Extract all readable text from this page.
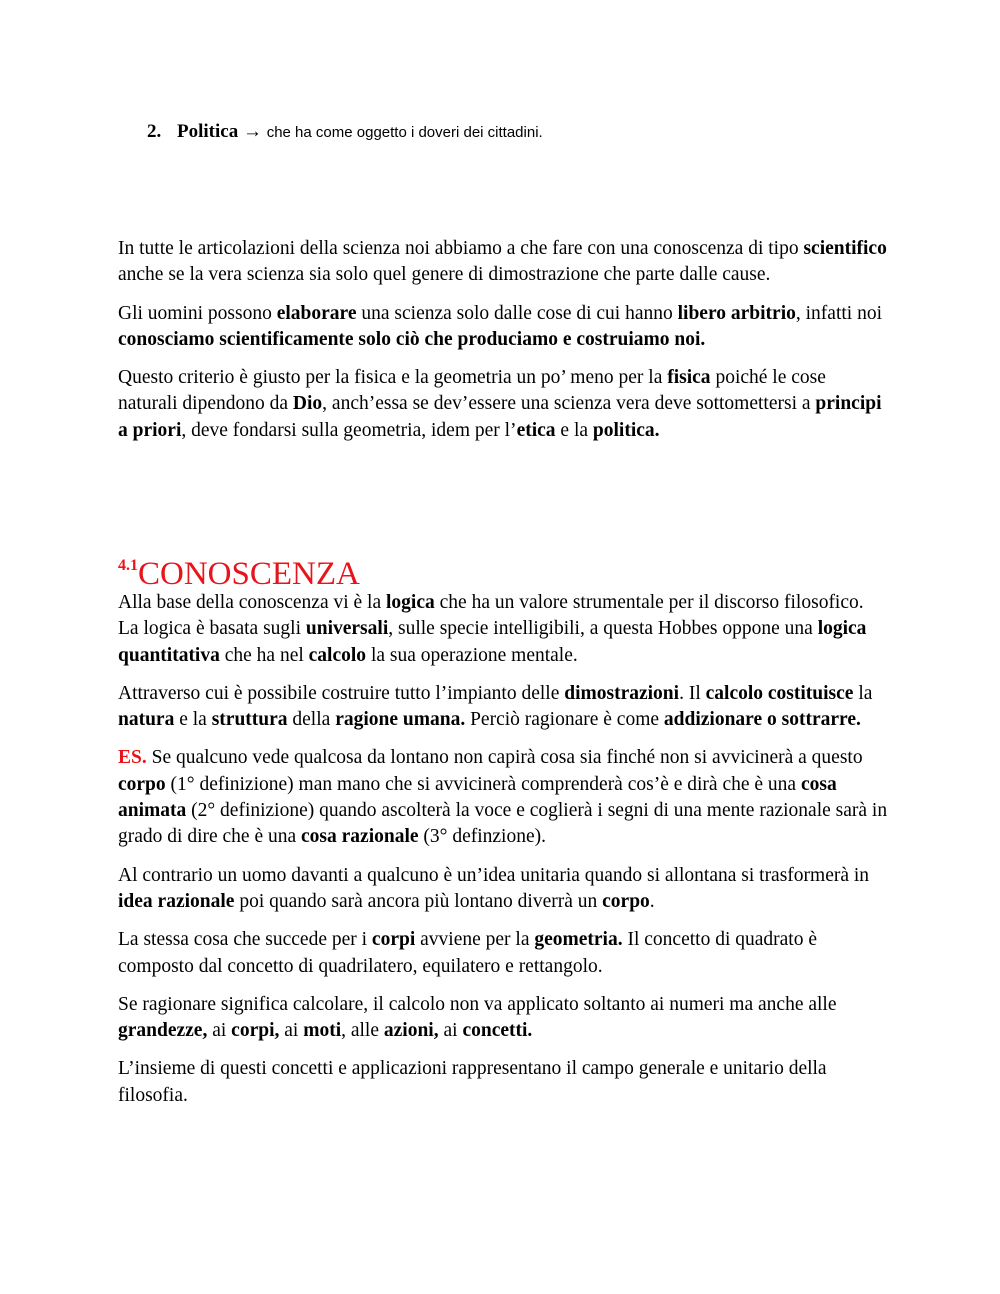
2. Politica → che ha come oggetto i doveri dei cittadini.

In tutte le articolazioni della scienza noi abbiamo a che fare con una conoscenza di tipo scientifico anche se la vera scienza sia solo quel genere di dimostrazione che parte dalle cause.

Gli uomini possono elaborare una scienza solo dalle cose di cui hanno libero arbitrio, infatti noi conosciamo scientificamente solo ciò che produciamo e costruiamo noi.

Questo criterio è giusto per la fisica e la geometria un po’ meno per la fisica poiché le cose naturali dipendono da Dio, anch’essa se dev’essere una scienza vera deve sottomettersi a principi a priori, deve fondarsi sulla geometria, idem per l’etica e la politica.

$^{4.1}$CONOSCENZA

Alla base della conoscenza vi è la logica che ha un valore strumentale per il discorso filosofico. La logica è basata sugli universali, sulle specie intelligibili, a questa Hobbes oppone una logica quantitativa che ha nel calcolo la sua operazione mentale.

Attraverso cui è possibile costruire tutto l’impianto delle dimostrazioni. Il calcolo costituisce la natura e la struttura della ragione umana. Perciò ragionare è come addizionare o sottrarre.

ES. Se qualcuno vede qualcosa da lontano non capirà cosa sia finché non si avvicinerà a questo corpo (1° definizione) man mano che si avvicinerà comprenderà cos’è e dirà che è una cosa animata (2° definizione) quando ascolterà la voce e coglierà i segni di una mente razionale sarà in grado di dire che è una cosa razionale (3° definzione).

Al contrario un uomo davanti a qualcuno è un’idea unitaria quando si allontana si trasformerà in idea razionale poi quando sarà ancora più lontano diverrà un corpo.

La stessa cosa che succede per i corpi avviene per la geometria. Il concetto di quadrato è composto dal concetto di quadrilatero, equilatero e rettangolo.

Se ragionare significa calcolare, il calcolo non va applicato soltanto ai numeri ma anche alle grandezze, ai corpi, ai moti, alle azioni, ai concetti.

L’insieme di questi concetti e applicazioni rappresentano il campo generale e unitario della filosofia.
